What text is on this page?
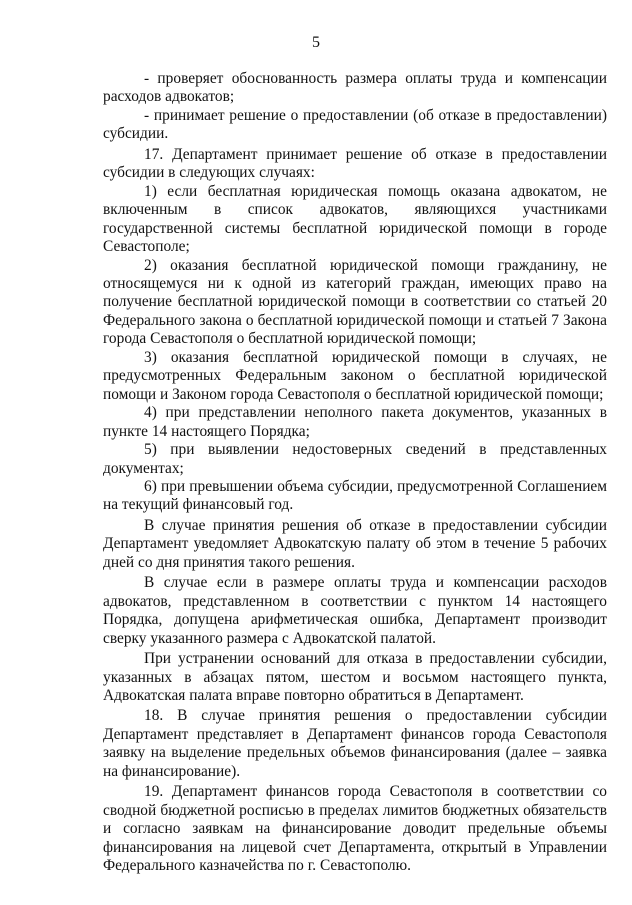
5

- проверяет обоснованность размера оплаты труда и компенсации расходов адвокатов;

- принимает решение о предоставлении (об отказе в предоставлении) субсидии.

17. Департамент принимает решение об отказе в предоставлении субсидии в следующих случаях:

1) если бесплатная юридическая помощь оказана адвокатом, не включенным в список адвокатов, являющихся участниками государственной системы бесплатной юридической помощи в городе Севастополе;

2) оказания бесплатной юридической помощи гражданину, не относящемуся ни к одной из категорий граждан, имеющих право на получение бесплатной юридической помощи в соответствии со статьей 20 Федерального закона о бесплатной юридической помощи и статьей 7 Закона города Севастополя о бесплатной юридической помощи;

3) оказания бесплатной юридической помощи в случаях, не предусмотренных Федеральным законом о бесплатной юридической помощи и Законом города Севастополя о бесплатной юридической помощи;

4) при представлении неполного пакета документов, указанных в пункте 14 настоящего Порядка;

5) при выявлении недостоверных сведений в представленных документах;

6) при превышении объема субсидии, предусмотренной Соглашением на текущий финансовый год.

В случае принятия решения об отказе в предоставлении субсидии Департамент уведомляет Адвокатскую палату об этом в течение 5 рабочих дней со дня принятия такого решения.

В случае если в размере оплаты труда и компенсации расходов адвокатов, представленном в соответствии с пунктом 14 настоящего Порядка, допущена арифметическая ошибка, Департамент производит сверку указанного размера с Адвокатской палатой.

При устранении оснований для отказа в предоставлении субсидии, указанных в абзацах пятом, шестом и восьмом настоящего пункта, Адвокатская палата вправе повторно обратиться в Департамент.

18. В случае принятия решения о предоставлении субсидии Департамент представляет в Департамент финансов города Севастополя заявку на выделение предельных объемов финансирования (далее – заявка на финансирование).

19. Департамент финансов города Севастополя в соответствии со сводной бюджетной росписью в пределах лимитов бюджетных обязательств и согласно заявкам на финансирование доводит предельные объемы финансирования на лицевой счет Департамента, открытый в Управлении Федерального казначейства по г. Севастополю.
